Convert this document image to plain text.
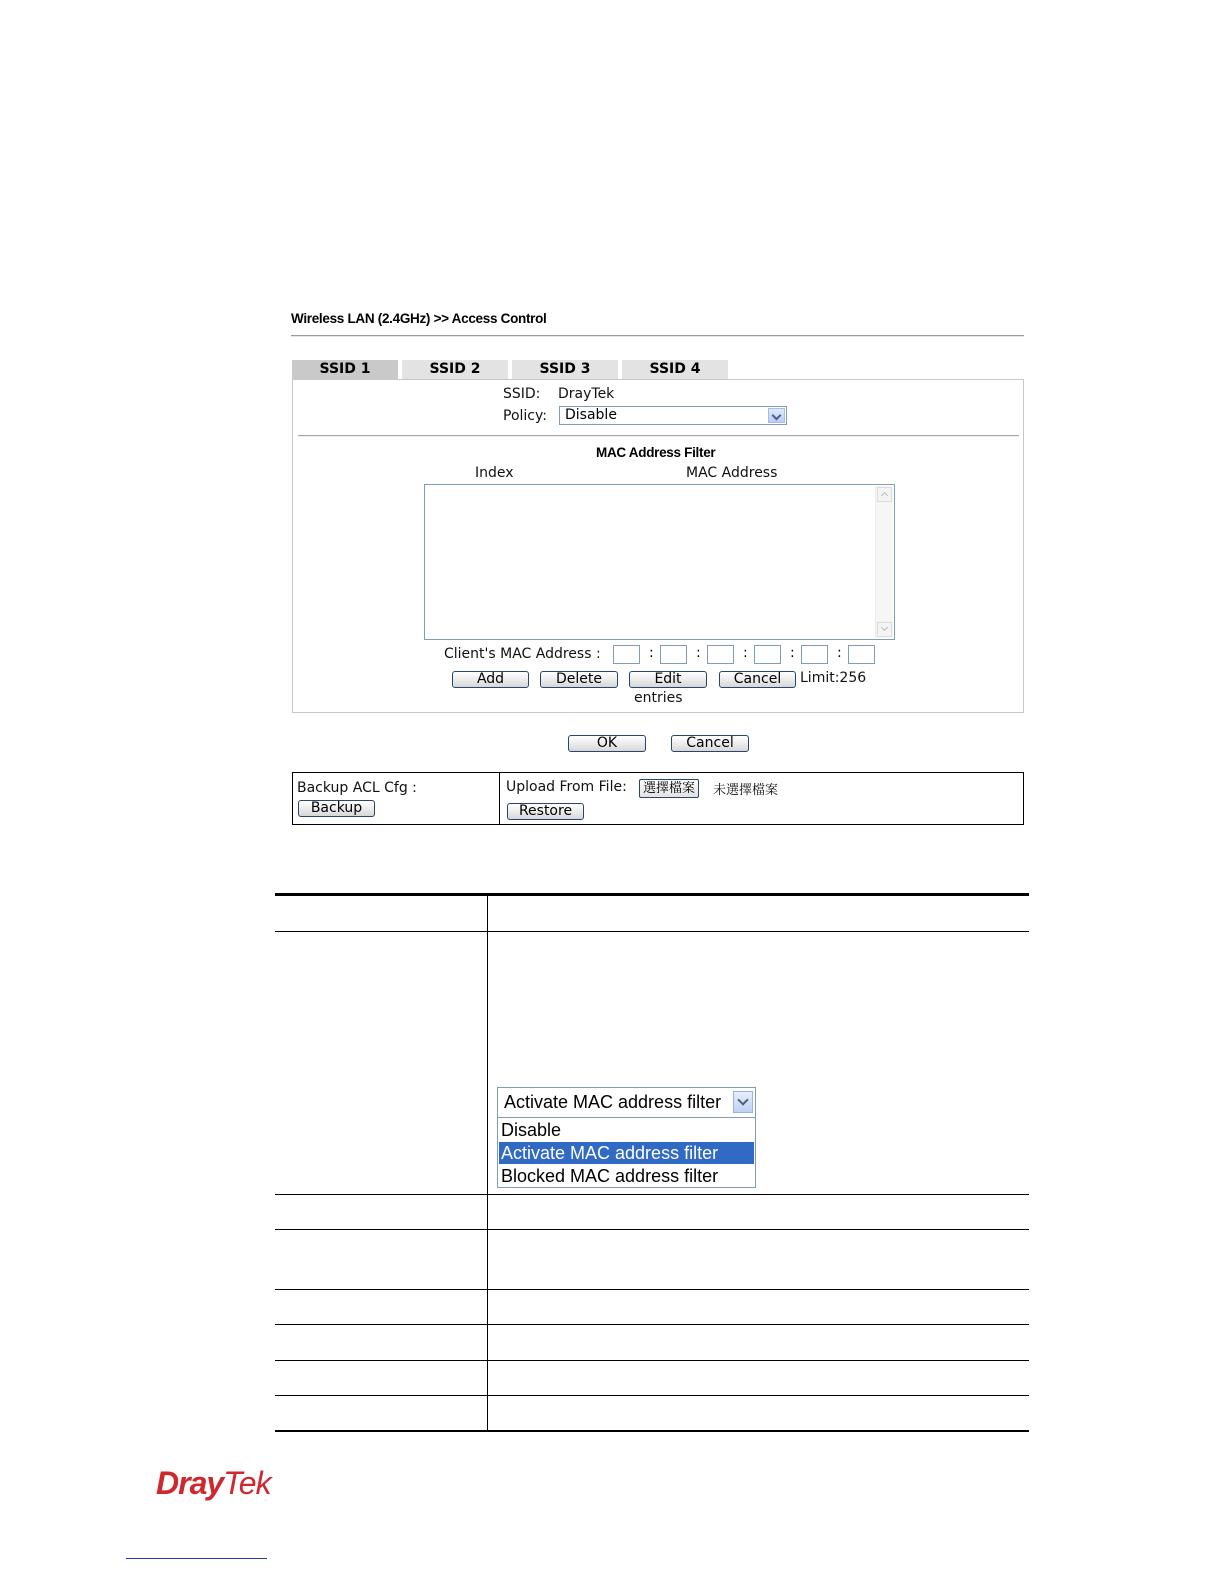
Wireless LAN (2.4GHz) >> Access Control
SSID 1	SSID 2	SSID 3	SSID 4
SSID: DrayTek
Policy:	Disable
MAC Address Filter
Index	MAC Address
Client's MAC Address :	:	:	:	:	:
Add	Delete	Edit	Cancel	Limit:256
entries
OK	Cancel
Backup ACL Cfg :
Backup
Upload From File:	選擇檔案	未選擇檔案
Restore
Activate MAC address filter
Disable
Activate MAC address filter
Blocked MAC address filter
DrayTek
